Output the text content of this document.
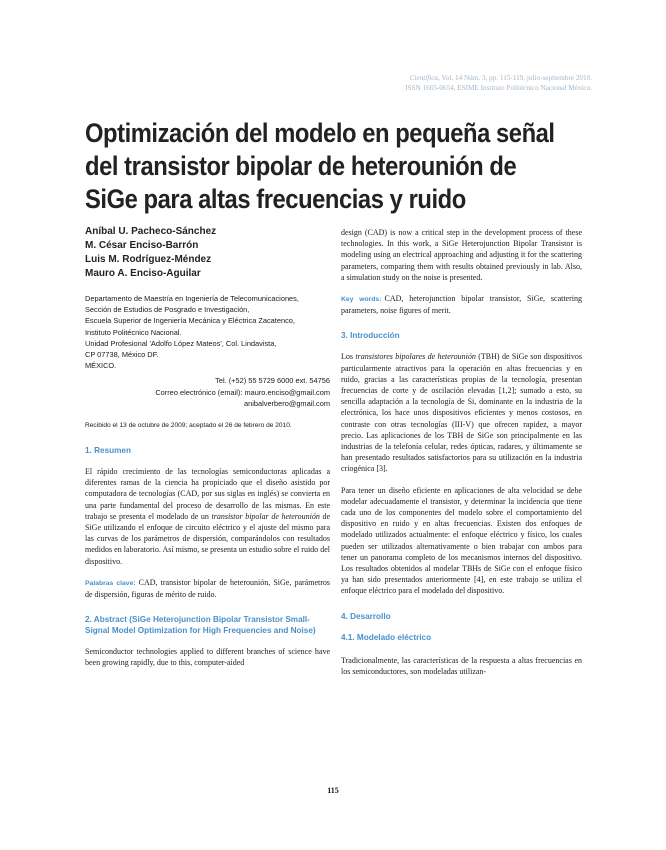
Científica, Vol. 14 Núm. 3, pp. 115-119, julio-septiembre 2010.
ISSN 1665-0654, ESIME Instituto Politécnico Nacional México.
Optimización del modelo en pequeña señal
del transistor bipolar de heterounión de
SiGe para altas frecuencias y ruido
Aníbal U. Pacheco-Sánchez
M. César Enciso-Barrón
Luis M. Rodríguez-Méndez
Mauro A. Enciso-Aguilar
Departamento de Maestría en Ingeniería de Telecomunicaciones,
Sección de Estudios de Posgrado e Investigación,
Escuela Superior de Ingeniería Mecánica y Eléctrica Zacatenco,
Instituto Politécnico Nacional.
Unidad Profesional 'Adolfo López Mateos', Col. Lindavista,
CP 07738, México DF.
MÉXICO.
Tel. (+52) 55 5729 6000 ext. 54756
Correo electrónico (email): mauro.enciso@gmail.com
anibalverbero@gmail.com
Recibido el 13 de octubre de 2009; aceptado el 26 de febrero de 2010.
1. Resumen

El rápido crecimiento de las tecnologías semiconductoras aplicadas a diferentes ramas de la ciencia ha propiciado que el diseño asistido por computadora de tecnologías (CAD, por sus siglas en inglés) se convierta en una parte fundamental del proceso de desarrollo de las mismas. En este trabajo se presenta el modelado de un transistor bipolar de heterounión de SiGe utilizando el enfoque de circuito eléctrico y el ajuste del mismo para las curvas de los parámetros de dispersión, comparándolos con resultados medidos en laboratorio. Así mismo, se presenta un estudio sobre el ruido del dispositivo.

Palabras clave: CAD, transistor bipolar de heterounión, SiGe, parámetros de dispersión, figuras de mérito de ruido.

2. Abstract (SiGe Heterojunction Bipolar Transistor Small-Signal Model Optimization for High Frequencies and Noise)

Semiconductor technologies applied to different branches of science have been growing rapidly, due to this, computer-aided

design (CAD) is now a critical step in the development process of these technologies. In this work, a SiGe Heterojunction Bipolar Transistor is modeling using an electrical approaching and adjusting it for the scattering parameters, comparing them with results obtained previously in lab. Also, a simulation study on the noise is presented.

Key words: CAD, heterojunction bipolar transistor, SiGe, scattering parameters, noise figures of merit.

3. Introducción

Los transistores bipolares de heterounión (TBH) de SiGe son dispositivos particularmente atractivos para la operación en altas frecuencias y en ruido, gracias a las características propias de la tecnología, presentan frecuencias de corte y de oscilación elevadas [1,2]; sumado a esto, su sencilla adaptación a la tecnología de Si, dominante en la industria de la electrónica, los hace unos dispositivos eficientes y menos costosos, en contraste con otras tecnologías (III-V) que ofrecen rapidez, a mayor precio. Las aplicaciones de los TBH de SiGe son principalmente en las industrias de la telefonía celular, redes ópticas, radares, y últimamente se han presentado resultados satisfactorios para su utilización en la industria criogénica [3].

Para tener un diseño eficiente en aplicaciones de alta velocidad se debe modelar adecuadamente el transistor, y determinar la incidencia que tiene cada uno de los componentes del modelo sobre el comportamiento del dispositivo en ruido y en altas frecuencias. Existen dos enfoques de modelado utilizados actualmente: el enfoque eléctrico y físico, los cuales pueden ser utilizados alternativamente o bien trabajar con ambos para tener un panorama completo de los mecanismos internos del dispositivo. Los resultados obtenidos al modelar TBHs de SiGe con el enfoque físico ya han sido presentados anteriormente [4], en este trabajo se utiliza el enfoque eléctrico para el modelado del dispositivo.

4. Desarrollo
4.1. Modelado eléctrico

Tradicionalmente, las características de la respuesta a altas frecuencias en los semiconductores, son modeladas utilizan-

115
